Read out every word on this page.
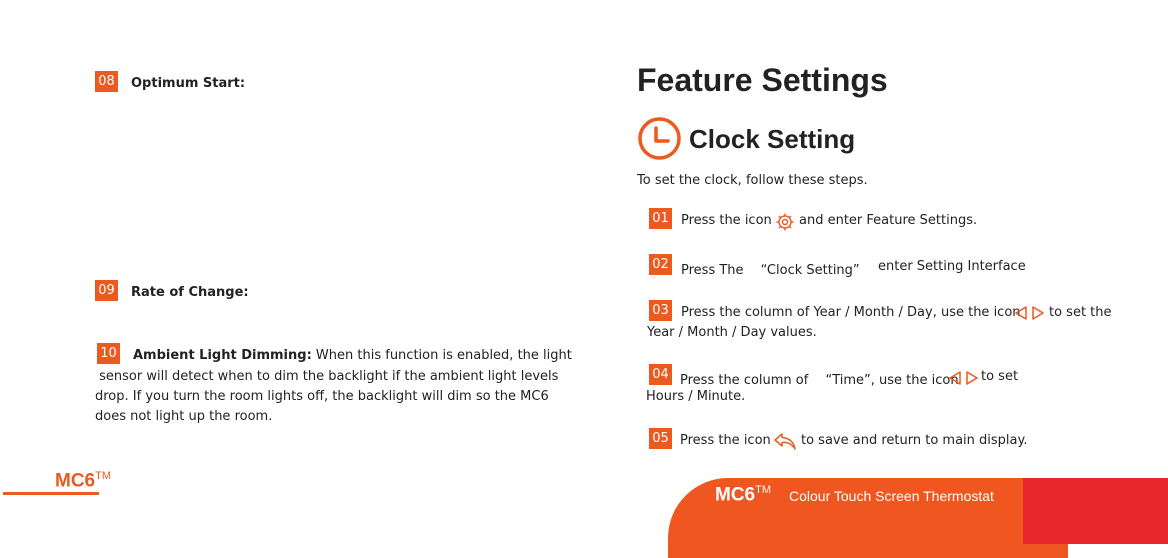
08 Optimum Start:
09 Rate of Change:
10 Ambient Light Dimming: When this function is enabled, the light
sensor will detect when to dim the backlight if the ambient light levels
drop. If you turn the room lights off, the backlight will dim so the MC6
does not light up the room.
MC6™
Feature Settings
Clock Setting
To set the clock, follow these steps.
01 Press the icon and enter Feature Settings.
02 Press The 　“Clock Setting” enter Setting Interface
03 Press the column of Year / Month / Day, use the icon to set the
Year / Month / Day values.
04 Press the column of 　“Time”, use the icon to set
Hours / Minute.
05 Press the icon to save and return to main display.
MC6™ Colour Touch Screen Thermostat
